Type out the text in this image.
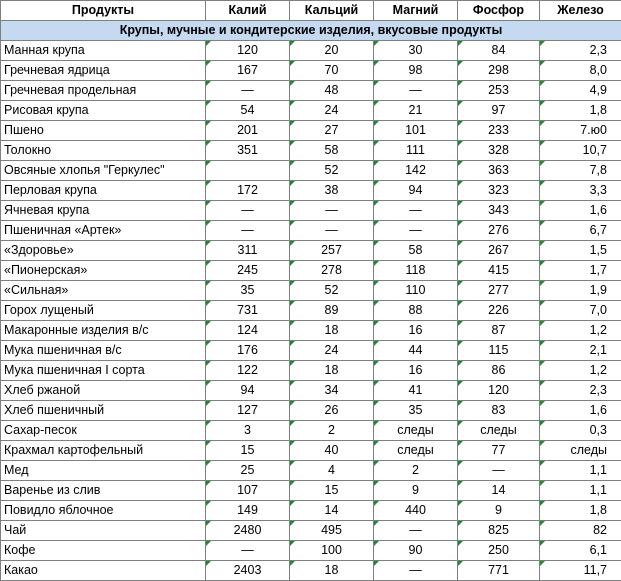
Продукты	Калий	Кальций	Магний	Фосфор	Железо
Крупы, мучные и кондитерские изделия, вкусовые продукты					
Манная крупа	120	20	30	84	2,3
Гречневая ядрица	167	70	98	298	8,0
Гречневая продельная	—	48	—	253	4,9
Рисовая крупа	54	24	21	97	1,8
Пшено	201	27	101	233	7.ю0
Толокно	351	58	111	328	10,7
Овсяные хлопья "Геркулес"		52	142	363	7,8
Перловая крупа	172	38	94	323	3,3
Ячневая крупа	—	—	—	343	1,6
Пшеничная «Артек»	—	—	—	276	6,7
«Здоровье»	311	257	58	267	1,5
«Пионерская»	245	278	118	415	1,7
«Сильная»	35	52	110	277	1,9
Горох лущеный	731	89	88	226	7,0
Макаронные изделия в/с	124	18	16	87	1,2
Мука пшеничная в/с	176	24	44	115	2,1
Мука пшеничная I сорта	122	18	16	86	1,2
Хлеб ржаной	94	34	41	120	2,3
Хлеб пшеничный	127	26	35	83	1,6
Сахар-песок	3	2	следы	следы	0,3
Крахмал картофельный	15	40	следы	77	следы
Мед	25	4	2	—	1,1
Варенье из слив	107	15	9	14	1,1
Повидло яблочное	149	14	440	9	1,8
Чай	2480	495	—	825	82
Кофе	—	100	90	250	6,1
Какао	2403	18	—	771	11,7
